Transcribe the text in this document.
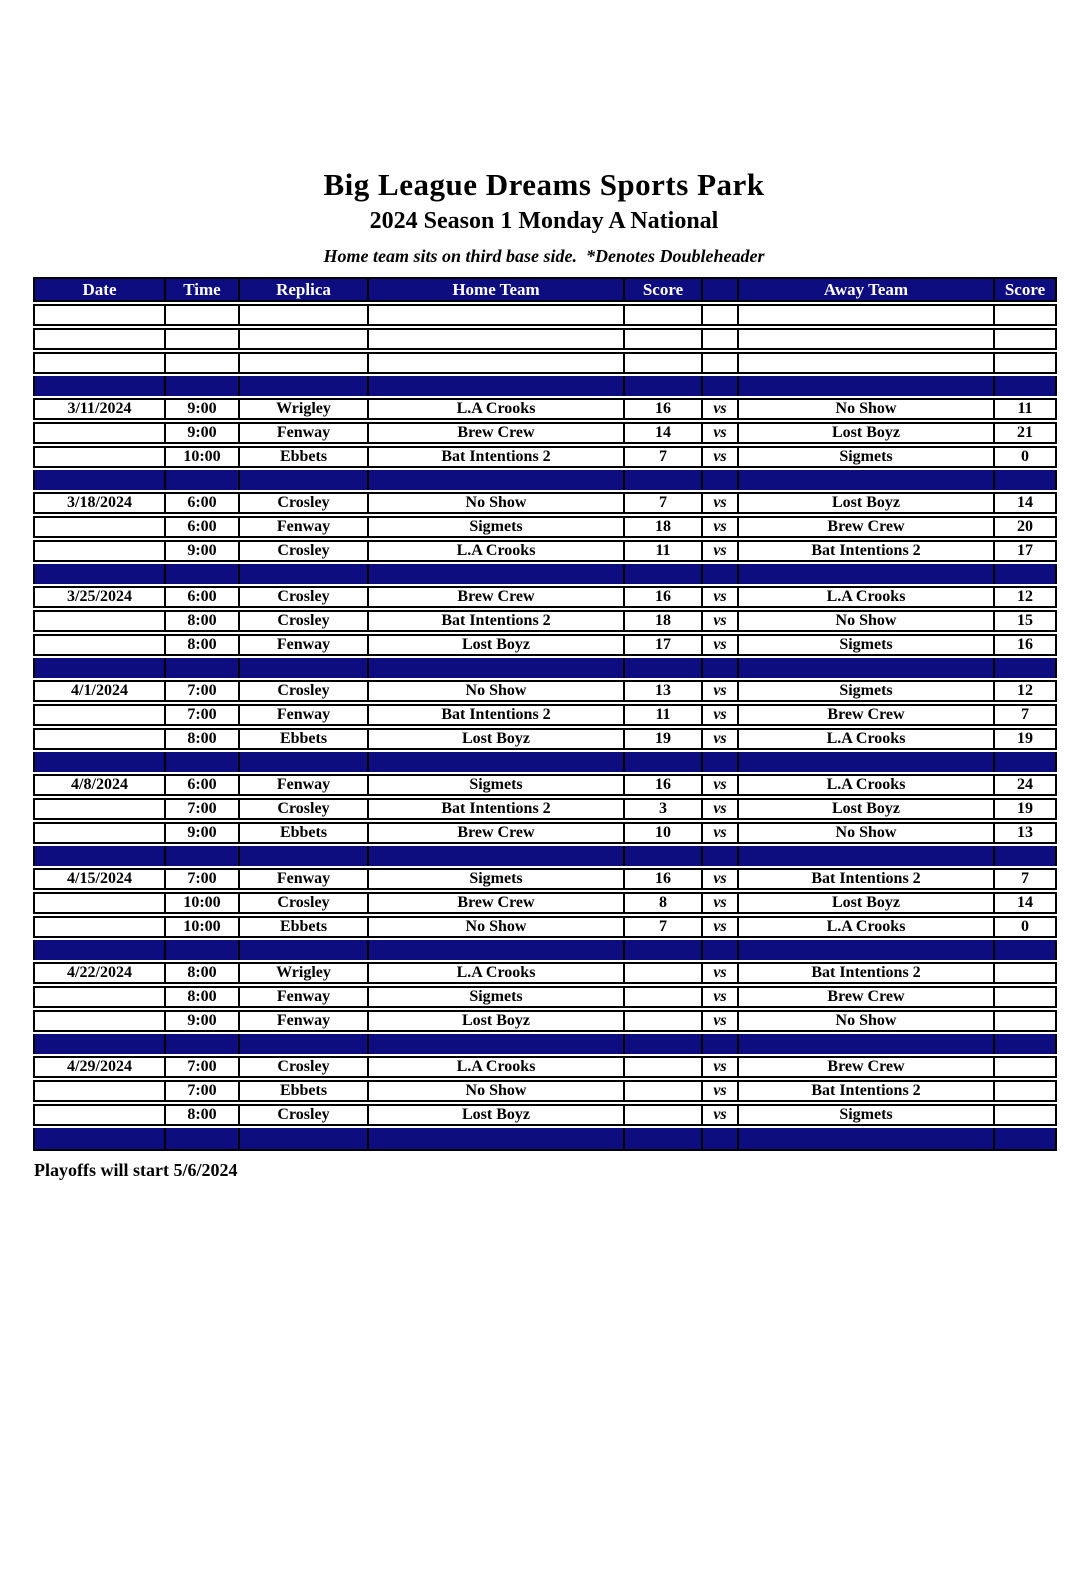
Big League Dreams Sports Park
2024 Season 1 Monday A National
Home team sits on third base side.  *Denotes Doubleheader
Date	Time	Replica	Home Team	Score		Away Team	Score

3/11/2024	9:00	Wrigley	L.A Crooks	16	vs	No Show	11
	9:00	Fenway	Brew Crew	14	vs	Lost Boyz	21
	10:00	Ebbets	Bat Intentions 2	7	vs	Sigmets	0

3/18/2024	6:00	Crosley	No Show	7	vs	Lost Boyz	14
	6:00	Fenway	Sigmets	18	vs	Brew Crew	20
	9:00	Crosley	L.A Crooks	11	vs	Bat Intentions 2	17

3/25/2024	6:00	Crosley	Brew Crew	16	vs	L.A Crooks	12
	8:00	Crosley	Bat Intentions 2	18	vs	No Show	15
	8:00	Fenway	Lost Boyz	17	vs	Sigmets	16

4/1/2024	7:00	Crosley	No Show	13	vs	Sigmets	12
	7:00	Fenway	Bat Intentions 2	11	vs	Brew Crew	7
	8:00	Ebbets	Lost Boyz	19	vs	L.A Crooks	19

4/8/2024	6:00	Fenway	Sigmets	16	vs	L.A Crooks	24
	7:00	Crosley	Bat Intentions 2	3	vs	Lost Boyz	19
	9:00	Ebbets	Brew Crew	10	vs	No Show	13

4/15/2024	7:00	Fenway	Sigmets	16	vs	Bat Intentions 2	7
	10:00	Crosley	Brew Crew	8	vs	Lost Boyz	14
	10:00	Ebbets	No Show	7	vs	L.A Crooks	0

4/22/2024	8:00	Wrigley	L.A Crooks		vs	Bat Intentions 2	
	8:00	Fenway	Sigmets		vs	Brew Crew	
	9:00	Fenway	Lost Boyz		vs	No Show	

4/29/2024	7:00	Crosley	L.A Crooks		vs	Brew Crew	
	7:00	Ebbets	No Show		vs	Bat Intentions 2	
	8:00	Crosley	Lost Boyz		vs	Sigmets	

Playoffs will start 5/6/2024
